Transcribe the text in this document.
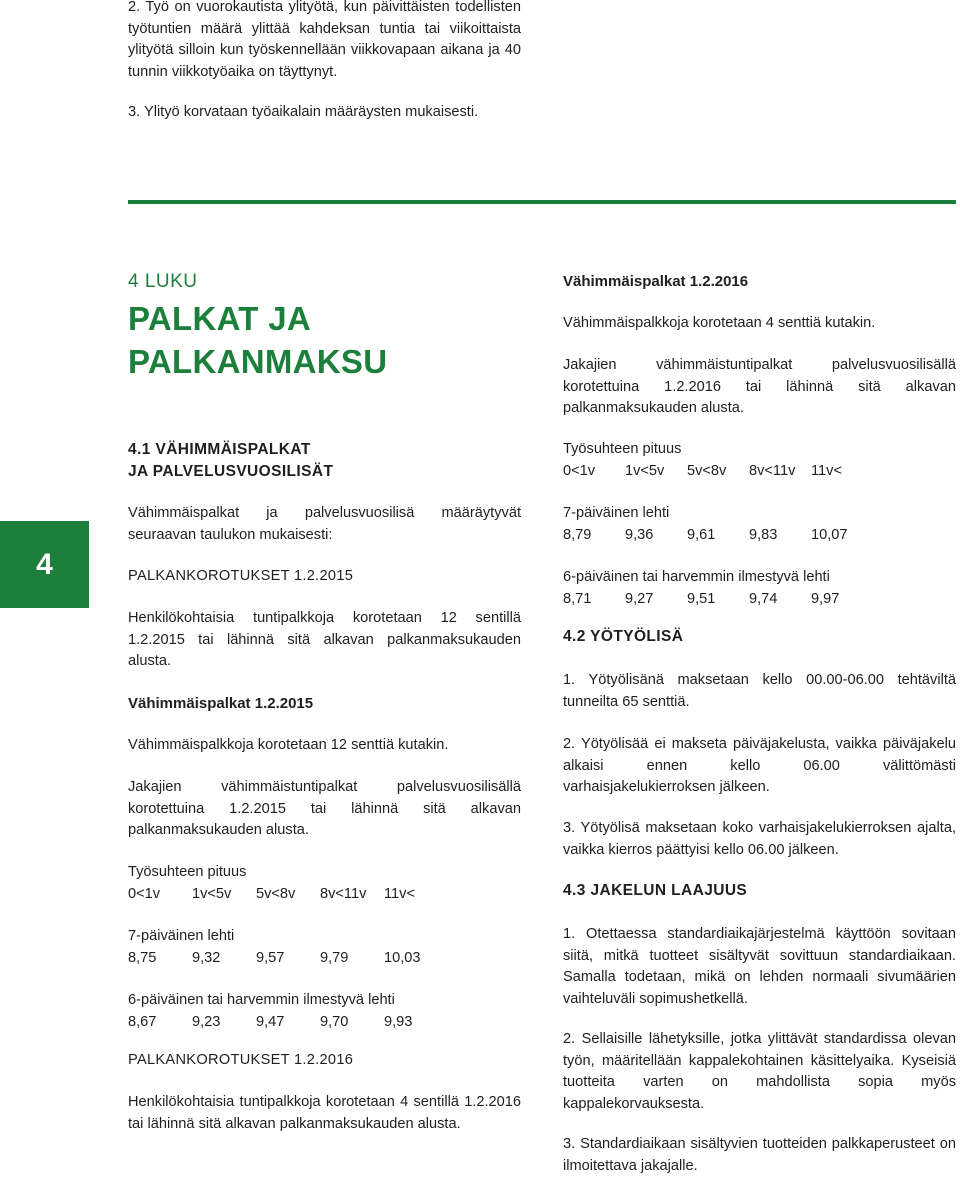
2. Työ on vuorokautista ylityötä, kun päivittäisten todellisten työtuntien määrä ylittää kahdeksan tuntia tai viikoittaista ylityötä silloin kun työskennellään viikkovapaan aikana ja 40 tunnin viikkotyöaika on täyttynyt.

3. Ylityö korvataan työaikalain määräysten mukaisesti.

4

4 LUKU

PALKAT JA

PALKANMAKSU

4.1 VÄHIMMÄISPALKAT

JA PALVELUSVUOSILISÄT

Vähimmäispalkat ja palvelusvuosilisä määräytyvät seuraavan taulukon mukaisesti:

PALKANKOROTUKSET 1.2.2015

Henkilökohtaisia tuntipalkkoja korotetaan 12 sentillä 1.2.2015 tai lähinnä sitä alkavan palkanmaksukauden alusta.

Vähimmäispalkat 1.2.2015

Vähimmäispalkkoja korotetaan 12 senttiä kutakin.

Jakajien vähimmäistuntipalkat palvelusvuosilisällä korotettuina 1.2.2015 tai lähinnä sitä alkavan palkanmaksukauden alusta.

Työsuhteen pituus

0<1v	1v<5v	5v<8v	8v<11v	11v<

7-päiväinen lehti

8,75	9,32	9,57	9,79	10,03

6-päiväinen tai harvemmin ilmestyvä lehti

8,67	9,23	9,47	9,70	9,93

PALKANKOROTUKSET 1.2.2016

Henkilökohtaisia tuntipalkkoja korotetaan 4 sentillä 1.2.2016 tai lähinnä sitä alkavan palkanmaksukauden alusta.

Vähimmäispalkat 1.2.2016

Vähimmäispalkkoja korotetaan 4 senttiä kutakin.

Jakajien vähimmäistuntipalkat palvelusvuosilisällä korotettuina 1.2.2016 tai lähinnä sitä alkavan palkanmaksukauden alusta.

Työsuhteen pituus

0<1v	1v<5v	5v<8v	8v<11v	11v<

7-päiväinen lehti

8,79	9,36	9,61	9,83	10,07

6-päiväinen tai harvemmin ilmestyvä lehti

8,71	9,27	9,51	9,74	9,97

4.2 YÖTYÖLISÄ

1. Yötyölisänä maksetaan kello 00.00-06.00 tehtäviltä tunneilta 65 senttiä.

2. Yötyölisää ei makseta päiväjakelusta, vaikka päiväjakelu alkaisi ennen kello 06.00 välittömästi varhaisjakelukierroksen jälkeen.

3. Yötyölisä maksetaan koko varhaisjakelukierroksen ajalta, vaikka kierros päättyisi kello 06.00 jälkeen.

4.3 JAKELUN LAAJUUS

1. Otettaessa standardiaikajärjestelmä käyttöön sovitaan siitä, mitkä tuotteet sisältyvät sovittuun standardiaikaan. Samalla todetaan, mikä on lehden normaali sivumäärien vaihteluväli sopimushetkellä.

2. Sellaisille lähetyksille, jotka ylittävät standardissa olevan työn, määritellään kappalekohtainen käsittelyaika. Kyseisiä tuotteita varten on mahdollista sopia myös kappalekorvauksesta.

3. Standardiaikaan sisältyvien tuotteiden palkkaperusteet on ilmoitettava jakajalle.
